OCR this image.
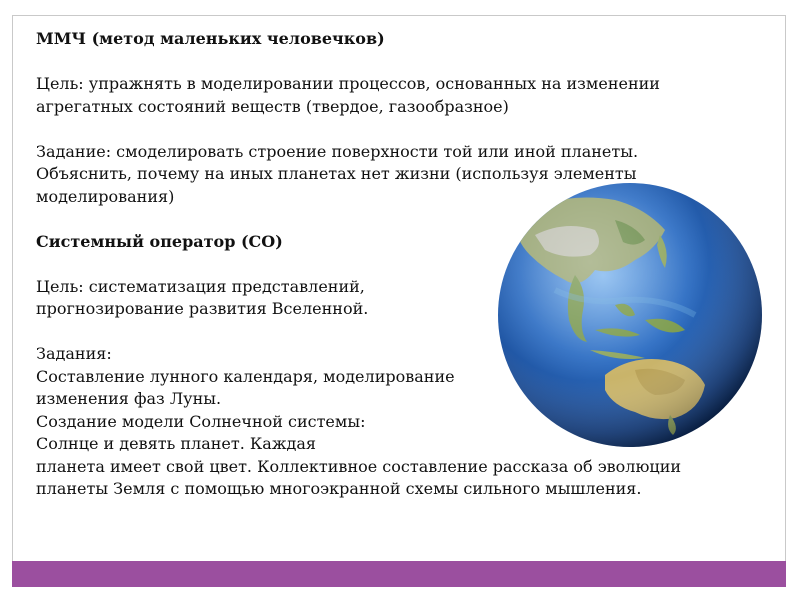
ММЧ (метод маленьких человечков)
Цель: упражнять в моделировании процессов, основанных на изменении
агрегатных состояний веществ (твердое, газообразное)
Задание: смоделировать строение поверхности той или иной планеты.
Объяснить, почему на иных планетах нет жизни (используя элементы
моделирования)
Системный оператор (СО)
Цель: систематизация представлений,
прогнозирование развития Вселенной.
Задания:
Составление лунного календаря, моделирование
изменения фаз Луны.
Создание модели Солнечной системы:
Солнце и девять планет. Каждая
планета имеет свой цвет. Коллективное составление рассказа об эволюции
планеты Земля с помощью многоэкранной схемы сильного мышления.
